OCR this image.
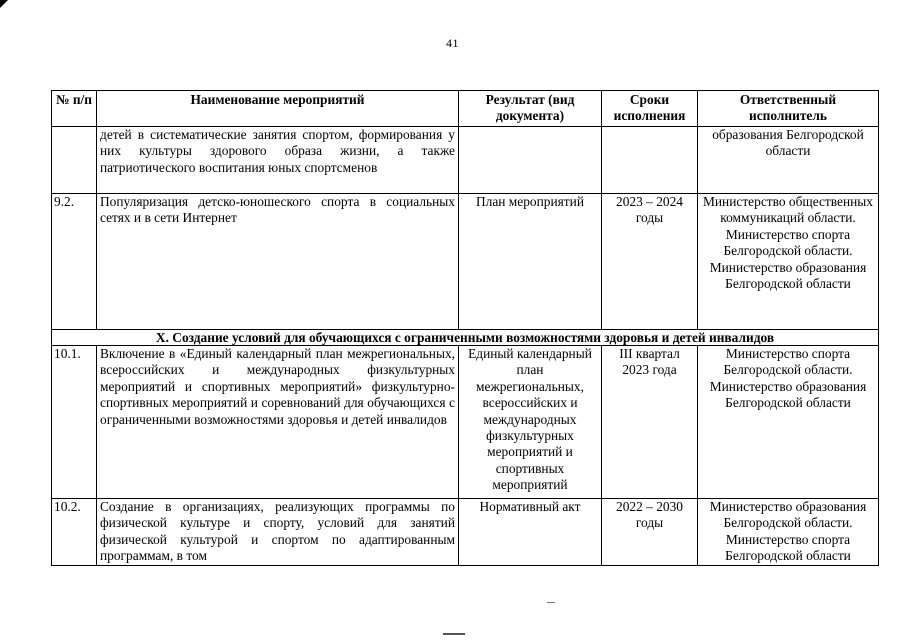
41
№ п/п	Наименование мероприятий	Результат (вид документа)	Сроки исполнения	Ответственный исполнитель
	детей в систематические занятия спортом, формирования у них культуры здорового образа жизни, а также патриотического воспитания юных спортсменов			образования Белгородской области
9.2.	Популяризация детско-юношеского спорта в социальных сетях и в сети Интернет	План мероприятий	2023 – 2024 годы	Министерство общественных коммуникаций области. Министерство спорта Белгородской области. Министерство образования Белгородской области
X. Создание условий для обучающихся с ограниченными возможностями здоровья и детей инвалидов				
10.1.	Включение в «Единый календарный план межрегиональных, всероссийских и международных физкультурных мероприятий и спортивных мероприятий» физкультурно-спортивных мероприятий и соревнований для обучающихся с ограниченными возможностями здоровья и детей инвалидов	Единый календарный план межрегиональных, всероссийских и международных физкультурных мероприятий и спортивных мероприятий	III квартал 2023 года	Министерство спорта Белгородской области. Министерство образования Белгородской области
10.2.	Создание в организациях, реализующих программы по физической культуре и спорту, условий для занятий физической культурой и спортом по адаптированным программам, в том	Нормативный акт	2022 – 2030 годы	Министерство образования Белгородской области. Министерство спорта Белгородской области
